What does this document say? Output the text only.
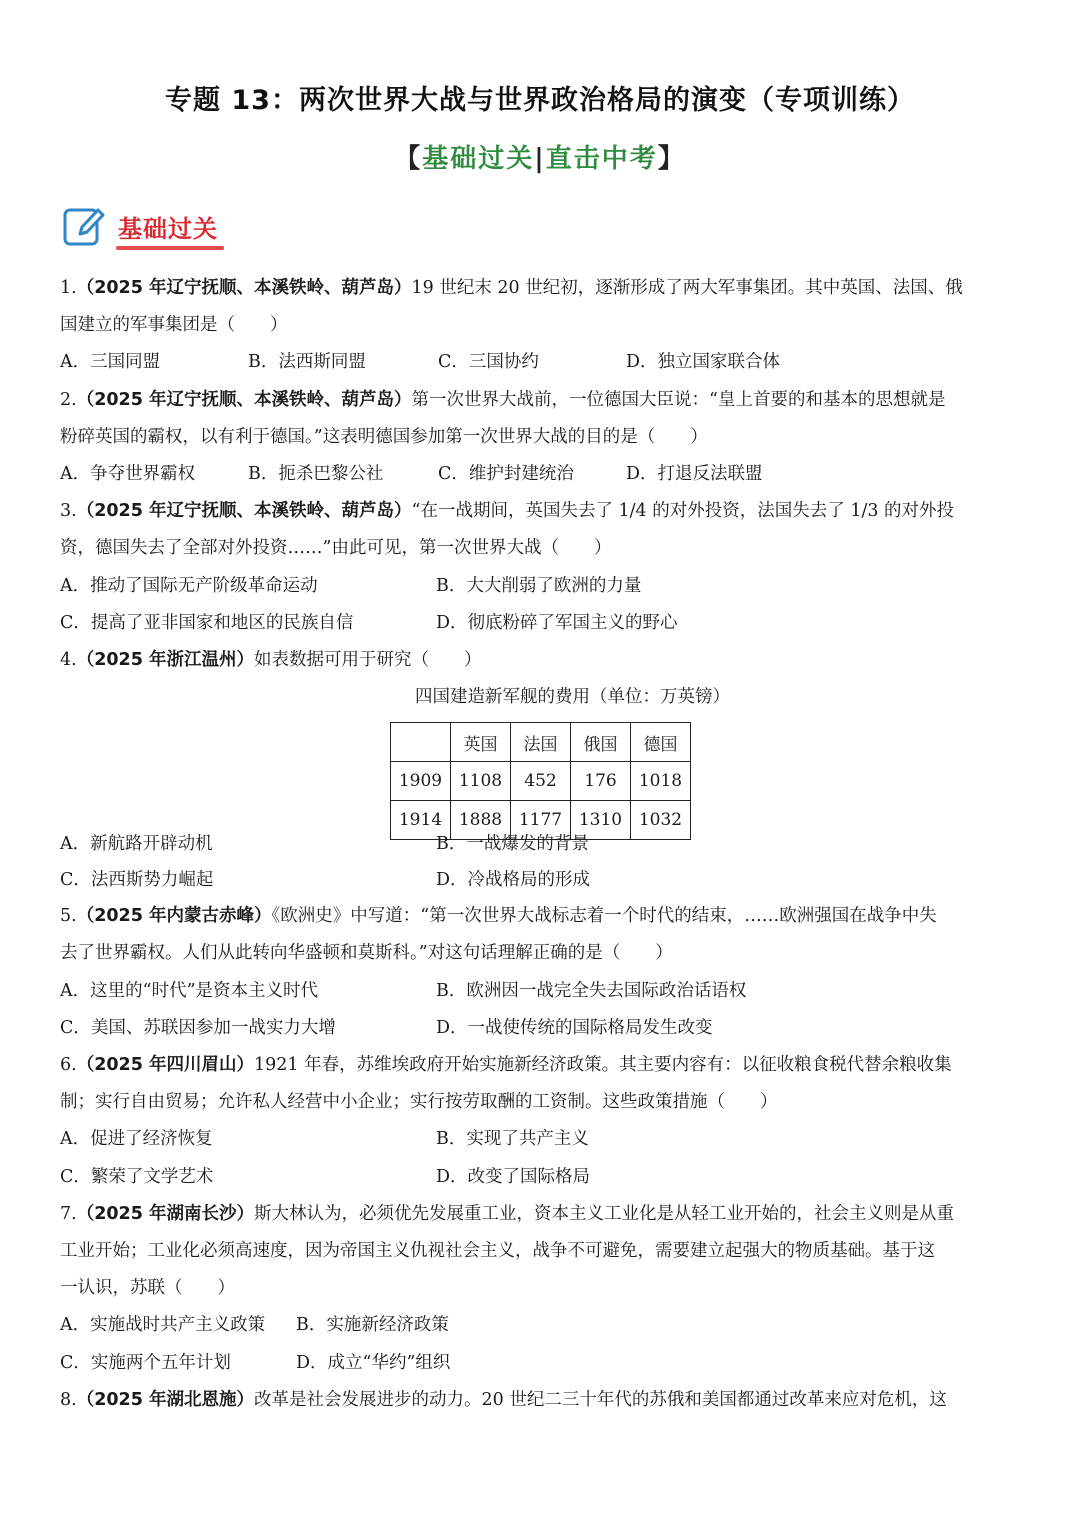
专题 13：两次世界大战与世界政治格局的演变（专项训练）
【基础过关|直击中考】
基础过关
1.（2025 年辽宁抚顺、本溪铁岭、葫芦岛）19 世纪末 20 世纪初，逐渐形成了两大军事集团。其中英国、法国、俄
国建立的军事集团是（　　）
A．三国同盟	B．法西斯同盟	C．三国协约	D．独立国家联合体
2.（2025 年辽宁抚顺、本溪铁岭、葫芦岛）第一次世界大战前，一位德国大臣说：“皇上首要的和基本的思想就是
粉碎英国的霸权，以有利于德国。”这表明德国参加第一次世界大战的目的是（　　）
A．争夺世界霸权	B．扼杀巴黎公社	C．维护封建统治	D．打退反法联盟
3.（2025 年辽宁抚顺、本溪铁岭、葫芦岛）“在一战期间，英国失去了 1/4 的对外投资，法国失去了 1/3 的对外投
资，德国失去了全部对外投资……”由此可见，第一次世界大战（　　）
A．推动了国际无产阶级革命运动	B．大大削弱了欧洲的力量
C．提高了亚非国家和地区的民族自信	D．彻底粉碎了军国主义的野心
4.（2025 年浙江温州）如表数据可用于研究（　　）
四国建造新军舰的费用（单位：万英镑）
	英国	法国	俄国	德国
1909	1108	452	176	1018
1914	1888	1177	1310	1032
A．新航路开辟动机	B．一战爆发的背景
C．法西斯势力崛起	D．冷战格局的形成
5.（2025 年内蒙古赤峰）《欧洲史》中写道：“第一次世界大战标志着一个时代的结束，……欧洲强国在战争中失
去了世界霸权。人们从此转向华盛顿和莫斯科。”对这句话理解正确的是（　　）
A．这里的“时代”是资本主义时代	B．欧洲因一战完全失去国际政治话语权
C．美国、苏联因参加一战实力大增	D．一战使传统的国际格局发生改变
6.（2025 年四川眉山）1921 年春，苏维埃政府开始实施新经济政策。其主要内容有：以征收粮食税代替余粮收集
制；实行自由贸易；允许私人经营中小企业；实行按劳取酬的工资制。这些政策措施（　　）
A．促进了经济恢复	B．实现了共产主义
C．繁荣了文学艺术	D．改变了国际格局
7.（2025 年湖南长沙）斯大林认为，必须优先发展重工业，资本主义工业化是从轻工业开始的，社会主义则是从重
工业开始；工业化必须高速度，因为帝国主义仇视社会主义，战争不可避免，需要建立起强大的物质基础。基于这
一认识，苏联（　　）
A．实施战时共产主义政策 B．实施新经济政策
C．实施两个五年计划	D．成立“华约”组织
8.（2025 年湖北恩施）改革是社会发展进步的动力。20 世纪二三十年代的苏俄和美国都通过改革来应对危机，这
